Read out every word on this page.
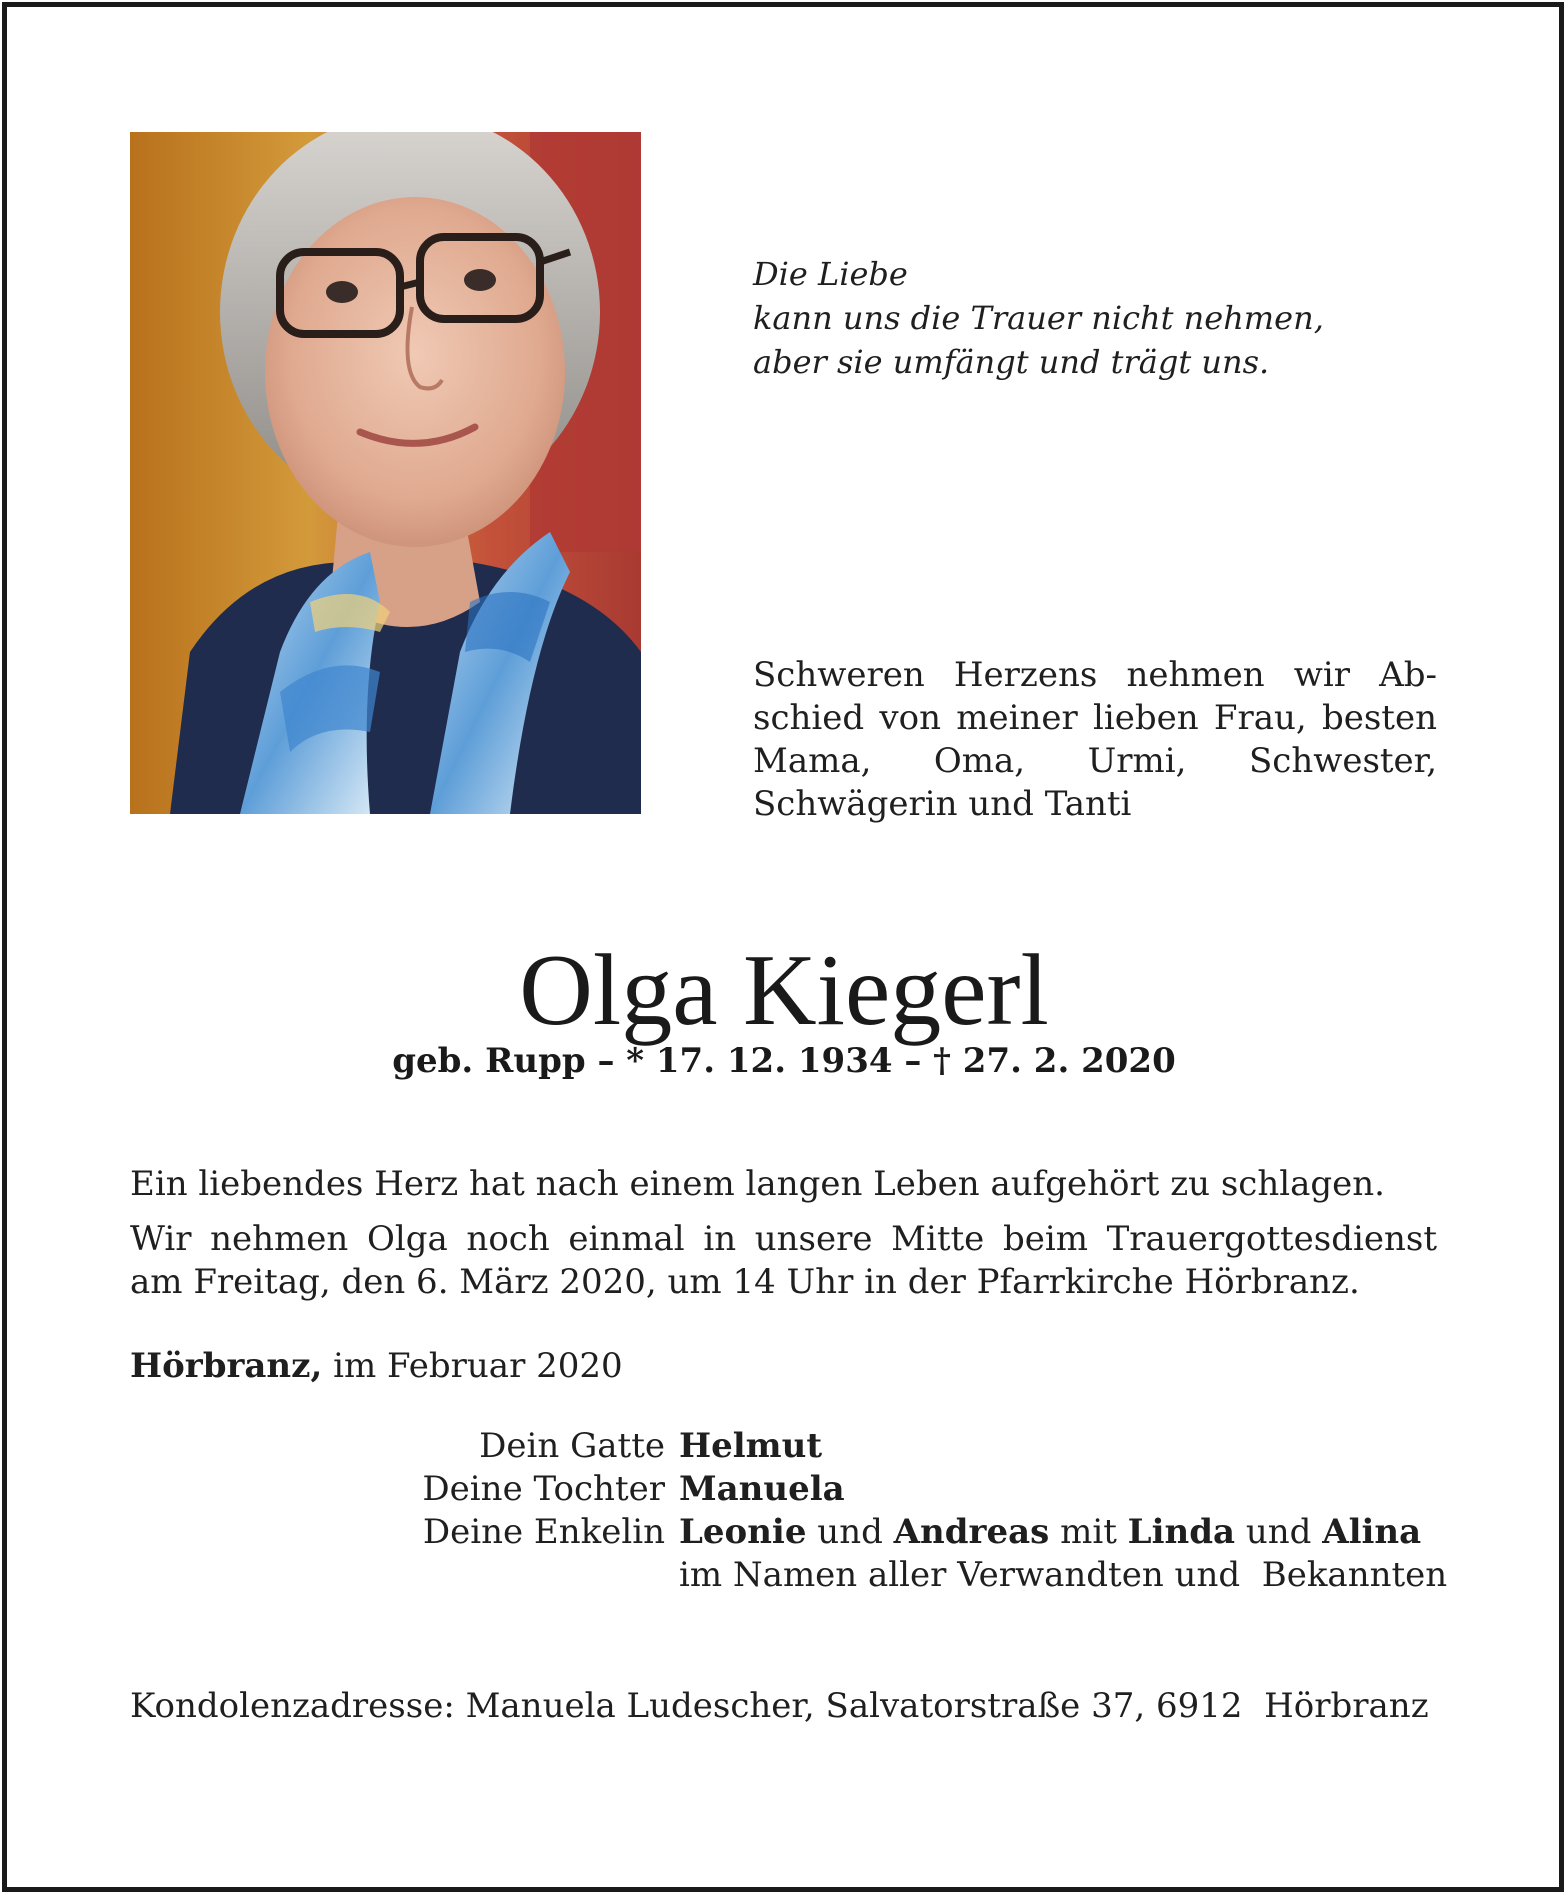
Die Liebe
kann uns die Trauer nicht nehmen,
aber sie umfängt und trägt uns.
Schweren Herzens nehmen wir Abschied von meiner lieben Frau, besten Mama, Oma, Urmi, Schwester, Schwägerin und Tanti
Olga Kiegerl
geb. Rupp – * 17. 12. 1934 – † 27. 2. 2020
Ein liebendes Herz hat nach einem langen Leben aufgehört zu schlagen.
Wir nehmen Olga noch einmal in unsere Mitte beim Trauergottesdienst
am Freitag, den 6. März 2020, um 14 Uhr in der Pfarrkirche Hörbranz.
Hörbranz, im Februar 2020
Dein Gatte Helmut
Deine Tochter Manuela
Deine Enkelin Leonie und Andreas mit Linda und Alina
im Namen aller Verwandten und  Bekannten
Kondolenzadresse: Manuela Ludescher, Salvatorstraße 37, 6912  Hörbranz
